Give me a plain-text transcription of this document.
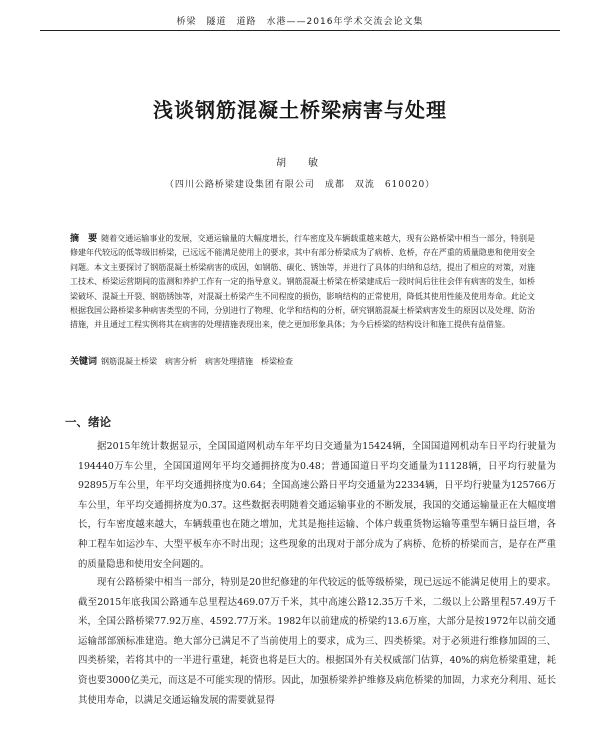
桥梁　隧道　道路　水港——2016年学术交流会论文集
浅谈钢筋混凝土桥梁病害与处理
胡　敏
（四川公路桥梁建设集团有限公司　成都　双流　610020）

摘　要 随着交通运输事业的发展，交通运输量的大幅度增长，行车密度及车辆载重越来越大，现有公路桥梁中相当一部分，特别是修建年代较远的低等级旧桥梁，已远远不能满足使用上的要求，其中有部分桥梁成为了病桥、危桥，存在严重的质量隐患和使用安全问题。本文主要探讨了钢筋混凝土桥梁病害的成因，如钢筋、碳化、锈蚀等，并进行了具体的归纳和总结，提出了相应的对策，对施工技术、桥梁运营期间的监测和养护工作有一定的指导意义。钢筋混凝土桥梁在桥梁建成后一段时间后往往会伴有病害的发生，如桥梁破坏、混凝土开裂、钢筋锈蚀等，对混凝土桥梁产生不同程度的损伤，影响结构的正常使用，降低其使用性能及使用寿命。此论文根据我国公路桥梁多种病害类型的不同，分别进行了物理、化学和结构的分析，研究钢筋混凝土桥梁病害发生的原因以及处理、防治措施，并且通过工程实例将其在病害的处理措施表现出来，使之更加形象具体；为今后桥梁的结构设计和施工提供有益借鉴。

关键词 钢筋混凝土桥梁　病害分析　病害处理措施　桥梁检查
一、绪论

据2015年统计数据显示，全国国道网机动车年平均日交通量为15424辆，全国国道网机动车日平均行驶量为194440万车公里，全国国道网年平均交通拥挤度为0.48；普通国道日平均交通量为11128辆，日平均行驶量为92895万车公里，年平均交通拥挤度为0.64；全国高速公路日平均交通量为22334辆，日平均行驶量为125766万车公里，年平均交通拥挤度为0.37。这些数据表明随着交通运输事业的不断发展，我国的交通运输量正在大幅度增长，行车密度越来越大，车辆载重也在随之增加，尤其是拖挂运输、个体户载重货物运输等重型车辆日益巨增，各种工程车如运沙车、大型平板车亦不时出现；这些现象的出现对于部分成为了病桥、危桥的桥梁而言，是存在严重的质量隐患和使用安全问题的。

现有公路桥梁中相当一部分，特别是20世纪修建的年代较远的低等级桥梁，现已远远不能满足使用上的要求。截至2015年底我国公路通车总里程达469.07万千米，其中高速公路12.35万千米，二级以上公路里程57.49万千米，全国公路桥梁77.92万座、4592.77万米。1982年以前建成的桥梁约13.6万座，大部分是按1972年以前交通运输部部颁标准建造。绝大部分已满足不了当前使用上的要求，成为三、四类桥梁。对于必须进行维修加固的三、四类桥梁，若将其中的一半进行重建，耗资也将是巨大的。根据国外有关权威部门估算，40%的病危桥梁重建，耗资也要3000亿美元，而这是不可能实现的情形。因此，加强桥梁养护维修及病危桥梁的加固，力求充分利用、延长其使用寿命，以满足交通运输发展的需要就显得
